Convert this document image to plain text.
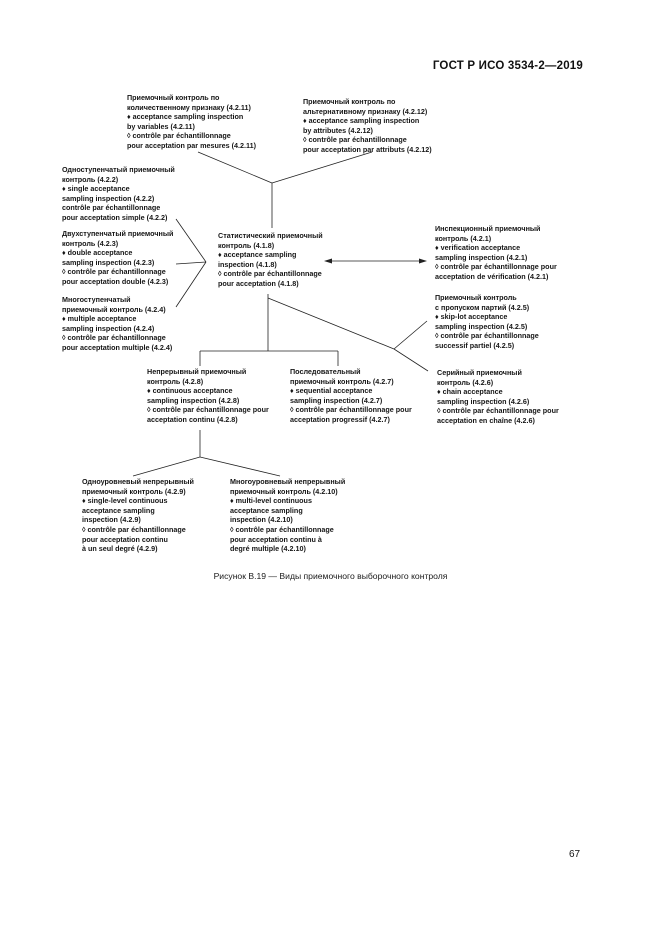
ГОСТ Р ИСО 3534-2—2019
Приемочный контроль по
количественному признаку (4.2.11)
♦ acceptance sampling inspection
by variables (4.2.11)
◊ contrôle par échantillonnage
pour acceptation par mesures (4.2.11)
Приемочный контроль по
альтернативному признаку (4.2.12)
♦ acceptance sampling inspection
by attributes (4.2.12)
◊ contrôle par échantillonnage
pour acceptation par attributs (4.2.12)
Одноступенчатый приемочный
контроль (4.2.2)
♦ single acceptance
sampling inspection (4.2.2)
contrôle par échantillonnage
pour acceptation simple (4.2.2)
Двухступенчатый приемочный
контроль (4.2.3)
♦ double acceptance
sampling inspection (4.2.3)
◊ contrôle par échantillonnage
pour acceptation double (4.2.3)
Многоступенчатый
приемочный контроль (4.2.4)
♦ multiple acceptance
sampling inspection (4.2.4)
◊ contrôle par échantillonnage
pour acceptation multiple (4.2.4)
Статистический приемочный
контроль (4.1.8)
♦ acceptance sampling
inspection (4.1.8)
◊ contrôle par échantillonnage
pour acceptation (4.1.8)
Инспекционный приемочный
контроль (4.2.1)
♦ verification acceptance
sampling inspection (4.2.1)
◊ contrôle par échantillonnage pour
acceptation de vérification (4.2.1)
Приемочный контроль
с пропуском партий (4.2.5)
♦ skip-lot acceptance
sampling inspection (4.2.5)
◊ contrôle par échantillonnage
successif partiel (4.2.5)
Непрерывный приемочный
контроль (4.2.8)
♦ continuous acceptance
sampling inspection (4.2.8)
◊ contrôle par échantillonnage pour
acceptation continu (4.2.8)
Последовательный
приемочный контроль (4.2.7)
♦ sequential acceptance
sampling inspection (4.2.7)
◊ contrôle par échantillonnage pour
acceptation progressif (4.2.7)
Серийный приемочный
контроль (4.2.6)
♦ chain acceptance
sampling inspection (4.2.6)
◊ contrôle par échantillonnage pour
acceptation en chaîne (4.2.6)
Одноуровневый непрерывный
приемочный контроль (4.2.9)
♦ single-level continuous
acceptance sampling
inspection (4.2.9)
◊ contrôle par échantillonnage
pour acceptation continu
à un seul degré (4.2.9)
Многоуровневый непрерывный
приемочный контроль (4.2.10)
♦ multi-level continuous
acceptance sampling
inspection (4.2.10)
◊ contrôle par échantillonnage
pour acceptation continu à
degré multiple (4.2.10)
Рисунок В.19 — Виды приемочного выборочного контроля
67
